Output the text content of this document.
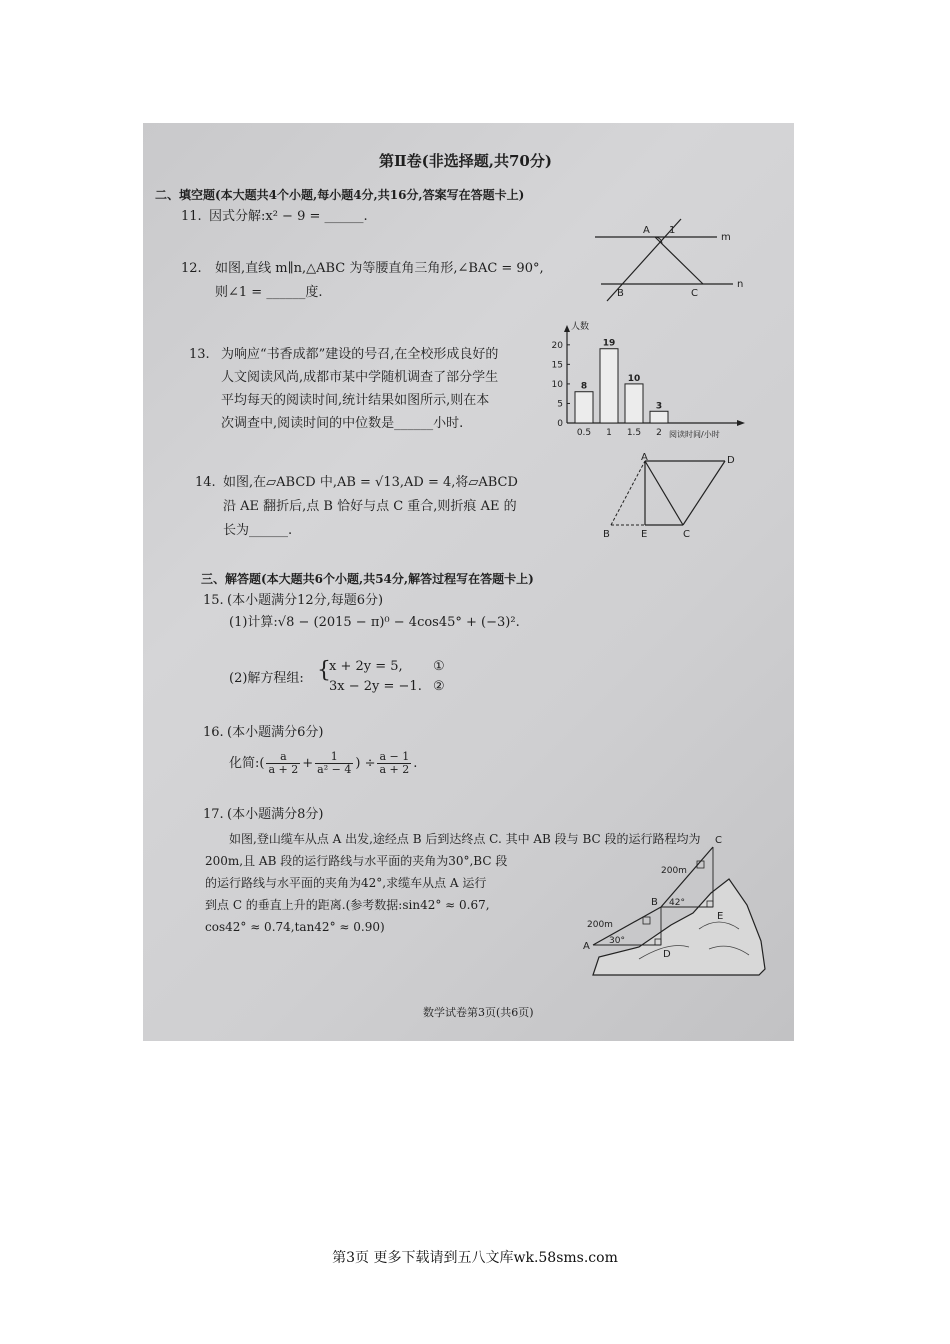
第Ⅱ卷(非选择题,共70分)
二、填空题(本大题共4个小题,每小题4分,共16分,答案写在答题卡上)
11. 因式分解:x² − 9 = ______.
12. 如图,直线 m∥n,△ABC 为等腰直角三角形,∠BAC = 90°,
则∠1 = ______度.
A 1
m
B	C
n
13. 为响应“书香成都”建设的号召,在全校形成良好的
人文阅读风尚,成都市某中学随机调查了部分学生
平均每天的阅读时间,统计结果如图所示,则在本
次调查中,阅读时间的中位数是______小时.
人数
阅读时间/小时
0
5
10
15
20
8
0.5
19
1
10
1.5
3
2
14. 如图,在▱ABCD 中,AB = √13,AD = 4,将▱ABCD
沿 AE 翻折后,点 B 恰好与点 C 重合,则折痕 AE 的
长为______.
A	D
B	E	C
三、解答题(本大题共6个小题,共54分,解答过程写在答题卡上)
15. (本小题满分12分,每题6分)
(1)计算:√8 − (2015 − π)⁰ − 4cos45° + (−3)².
(2)解方程组: {
x + 2y = 5, ①
3x − 2y = −1. ②
16. (本小题满分6分)
化简:( $\frac{a}{a + 2} + \frac{1}{\text{a² − 4}}$ ) ÷ $\frac{a - 1}{a + 2}$ .
17. (本小题满分8分)
如图,登山缆车从点 A 出发,途经点 B 后到达终点 C. 其中 AB 段与 BC 段的运行路程均为
200m,且 AB 段的运行路线与水平面的夹角为30°,BC 段
的运行路线与水平面的夹角为42°,求缆车从点 A 运行
到点 C 的垂直上升的距离.(参考数据:sin42° ≈ 0.67,
cos42° ≈ 0.74,tan42° ≈ 0.90)
A
B
C
D
E
200m
200m
30°
42°
数学试卷第3页(共6页)
第3页 更多下载请到五八文库wk.58sms.com
